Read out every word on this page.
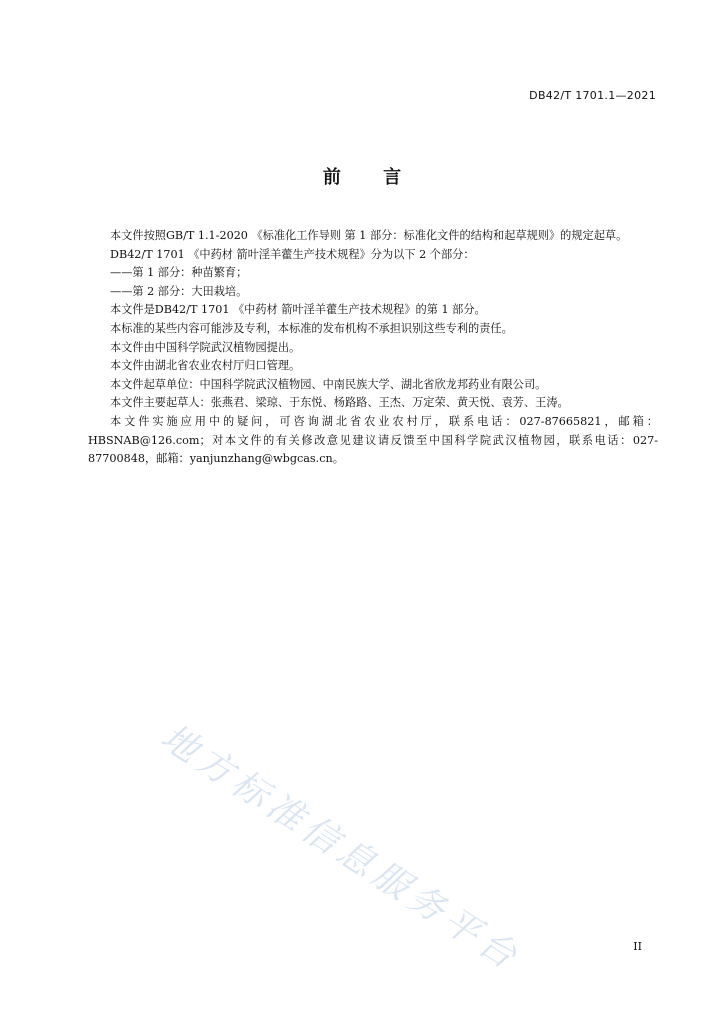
DB42/T 1701.1—2021
前 言

本文件按照GB/T 1.1-2020 《标准化工作导则 第 1 部分：标准化文件的结构和起草规则》的规定起草。

DB42/T 1701 《中药材 箭叶淫羊藿生产技术规程》分为以下 2 个部分：

——第 1 部分：种苗繁育；

——第 2 部分：大田栽培。

本文件是DB42/T 1701 《中药材 箭叶淫羊藿生产技术规程》的第 1 部分。

本标准的某些内容可能涉及专利，本标准的发布机构不承担识别这些专利的责任。

本文件由中国科学院武汉植物园提出。

本文件由湖北省农业农村厅归口管理。

本文件起草单位：中国科学院武汉植物园、中南民族大学、湖北省欣龙邦药业有限公司。

本文件主要起草人：张燕君、梁琼、于东悦、杨路路、王杰、万定荣、黄天悦、袁芳、王涛。

本文件实施应用中的疑问，可咨询湖北省农业农村厅，联系电话：027-87665821，邮箱：HBSNAB@126.com；对本文件的有关修改意见建议请反馈至中国科学院武汉植物园，联系电话：027-87700848，邮箱：yanjunzhang@wbgcas.cn。

地方标准信息服务平台	II
